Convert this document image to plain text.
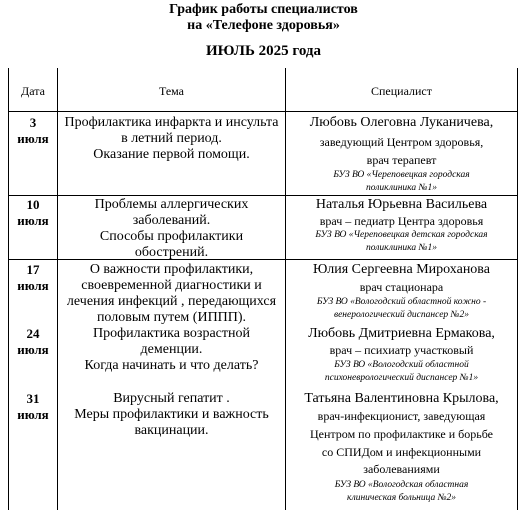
График работы специалистов
на «Телефоне здоровья»
ИЮЛЬ 2025 года
Дата	Тема	Специалист
3
июля
Профилактика инфаркта и инсульта
в летний период.
Оказание первой помощи.
Любовь Олеговна Луканичева,
заведующий Центром здоровья,
врач терапевт
БУЗ ВО «Череповецкая городская
поликлиника №1»
10
июля
Проблемы аллергических
заболеваний.
Способы профилактики
обострений.
Наталья Юрьевна Васильева
врач – педиатр Центра здоровья
БУЗ ВО «Череповецкая детская городская
поликлиника №1»
17
июля
О важности профилактики,
своевременной диагностики и
лечения инфекций , передающихся
половым путем (ИППП).
Юлия Сергеевна Мироханова
врач стационара
БУЗ ВО «Вологодский областной кожно -
венерологический диспансер №2»
24
июля
Профилактика возрастной
деменции.
Когда начинать и что делать?
Любовь Дмитриевна Ермакова,
врач – психиатр участковый
БУЗ ВО «Вологодский областной
психоневрологический диспансер №1»
31
июля
Вирусный гепатит .
Меры профилактики и важность
вакцинации.
Татьяна Валентиновна Крылова,
врач-инфекционист, заведующая
Центром по профилактике и борьбе
со СПИДом и инфекционными
заболеваниями
БУЗ ВО «Вологодская областная
клиническая больница №2»
